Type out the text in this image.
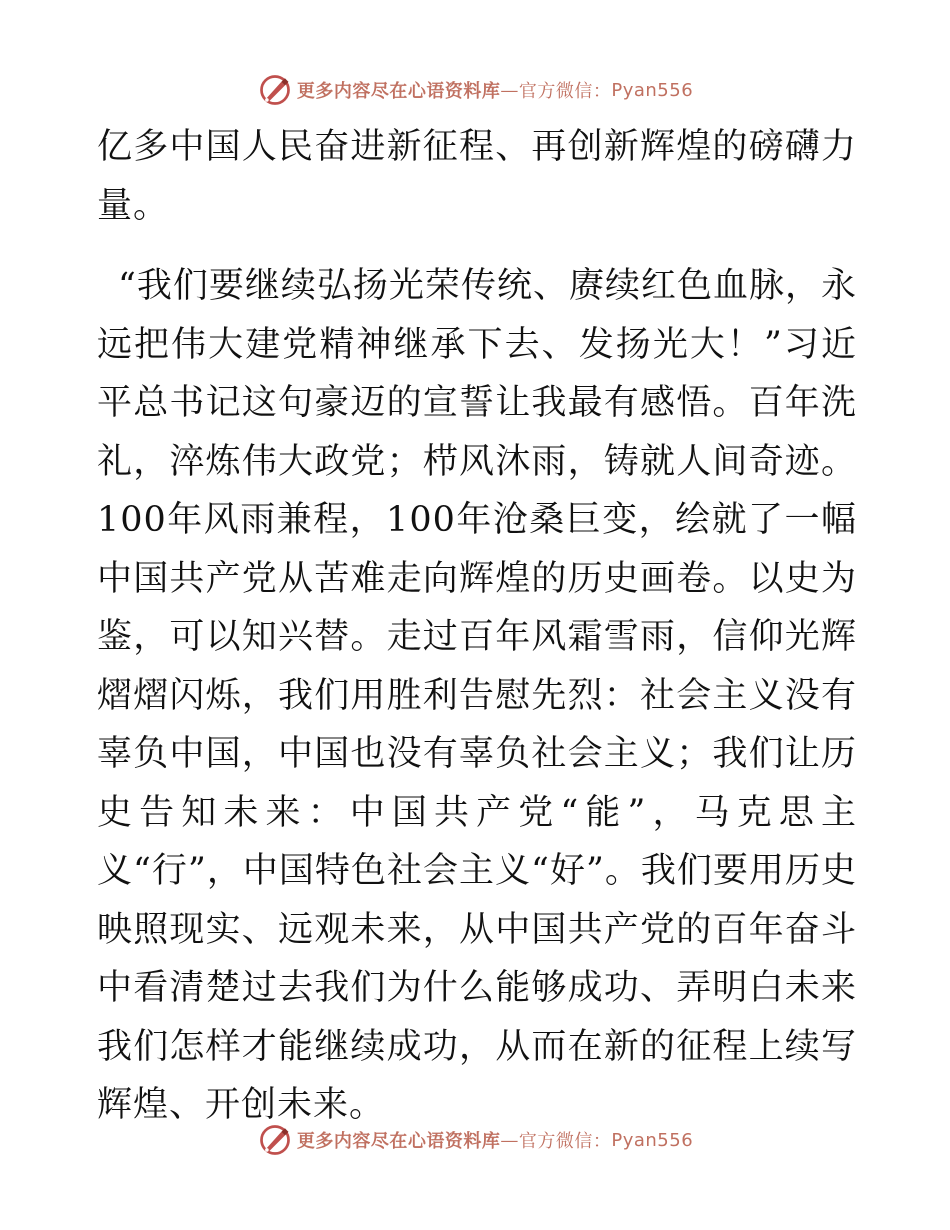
更多内容尽在心语资料库 — 官方微信： Pyan556

亿多中国人民奋进新征程、再创新辉煌的磅礴力量。

“我们要继续弘扬光荣传统、赓续红色血脉，永远把伟大建党精神继承下去、发扬光大！”习近平总书记这句豪迈的宣誓让我最有感悟。百年洗礼，淬炼伟大政党；栉风沐雨，铸就人间奇迹。100年风雨兼程，100年沧桑巨变，绘就了一幅中国共产党从苦难走向辉煌的历史画卷。以史为鉴，可以知兴替。走过百年风霜雪雨，信仰光辉熠熠闪烁，我们用胜利告慰先烈：社会主义没有辜负中国，中国也没有辜负社会主义；我们让历史告知未来：中国共产党“能”，马克思主义“行”，中国特色社会主义“好”。我们要用历史映照现实、远观未来，从中国共产党的百年奋斗中看清楚过去我们为什么能够成功、弄明白未来我们怎样才能继续成功，从而在新的征程上续写辉煌、开创未来。

更多内容尽在心语资料库 — 官方微信： Pyan556
